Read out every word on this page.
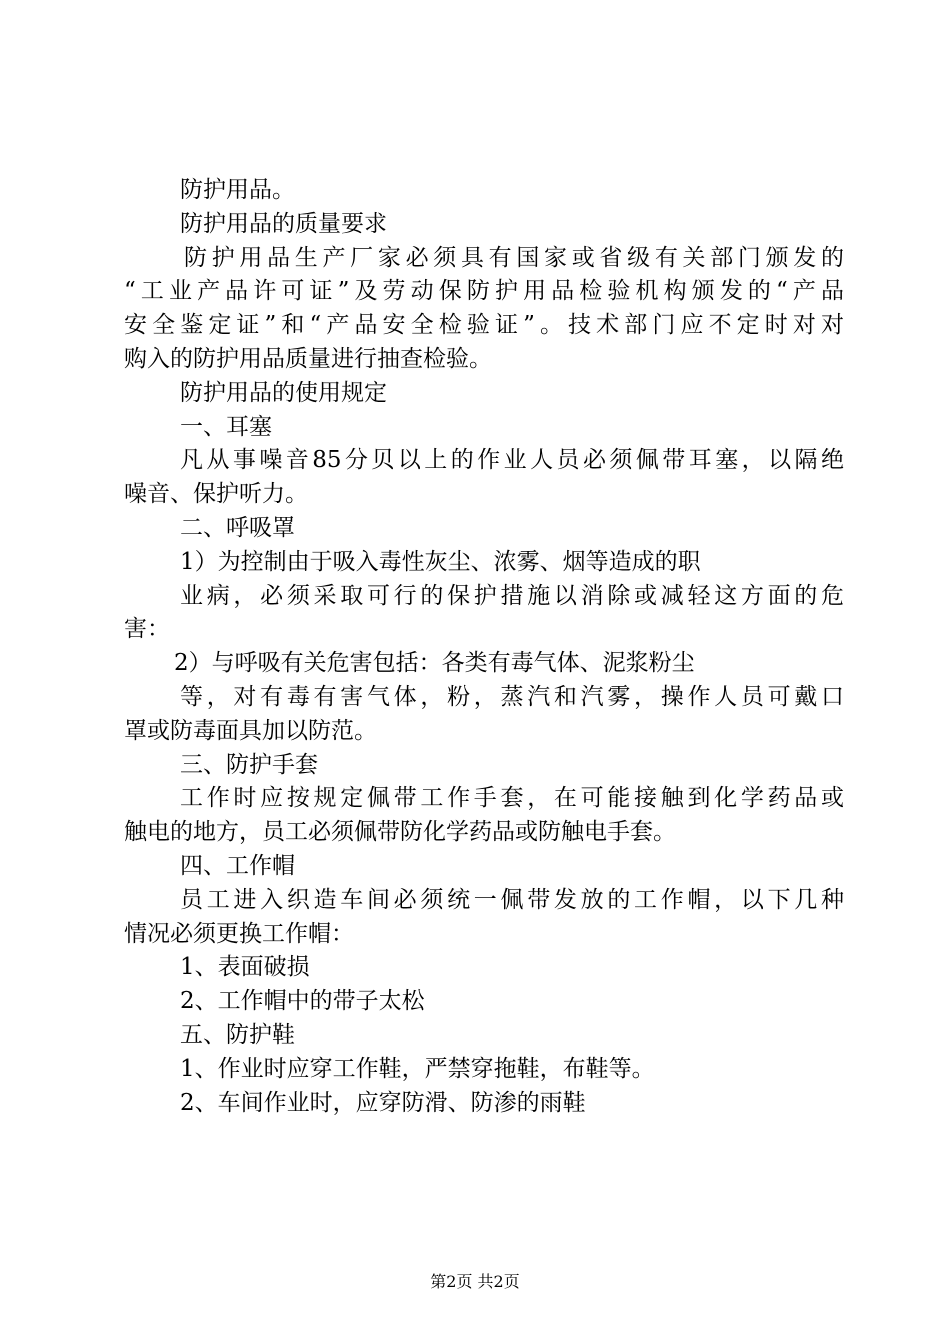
防护用品。
防护用品的质量要求
防护用品生产厂家必须具有国家或省级有关部门颁发的
“工业产品许可证”及劳动保防护用品检验机构颁发的“产品
安全鉴定证”和“产品安全检验证”。技术部门应不定时对对
购入的防护用品质量进行抽查检验。
防护用品的使用规定
一、耳塞
凡从事噪音85分贝以上的作业人员必须佩带耳塞，以隔绝
噪音、保护听力。
二、呼吸罩
1）为控制由于吸入毒性灰尘、浓雾、烟等造成的职
业病，必须采取可行的保护措施以消除或减轻这方面的危
害：
2）与呼吸有关危害包括：各类有毒气体、泥浆粉尘
等，对有毒有害气体，粉，蒸汽和汽雾，操作人员可戴口
罩或防毒面具加以防范。
三、防护手套
工作时应按规定佩带工作手套，在可能接触到化学药品或
触电的地方，员工必须佩带防化学药品或防触电手套。
四、工作帽
员工进入织造车间必须统一佩带发放的工作帽，以下几种
情况必须更换工作帽：
1、表面破损
2、工作帽中的带子太松
五、防护鞋
1、作业时应穿工作鞋，严禁穿拖鞋，布鞋等。
2、车间作业时，应穿防滑、防渗的雨鞋
第2页 共2页
